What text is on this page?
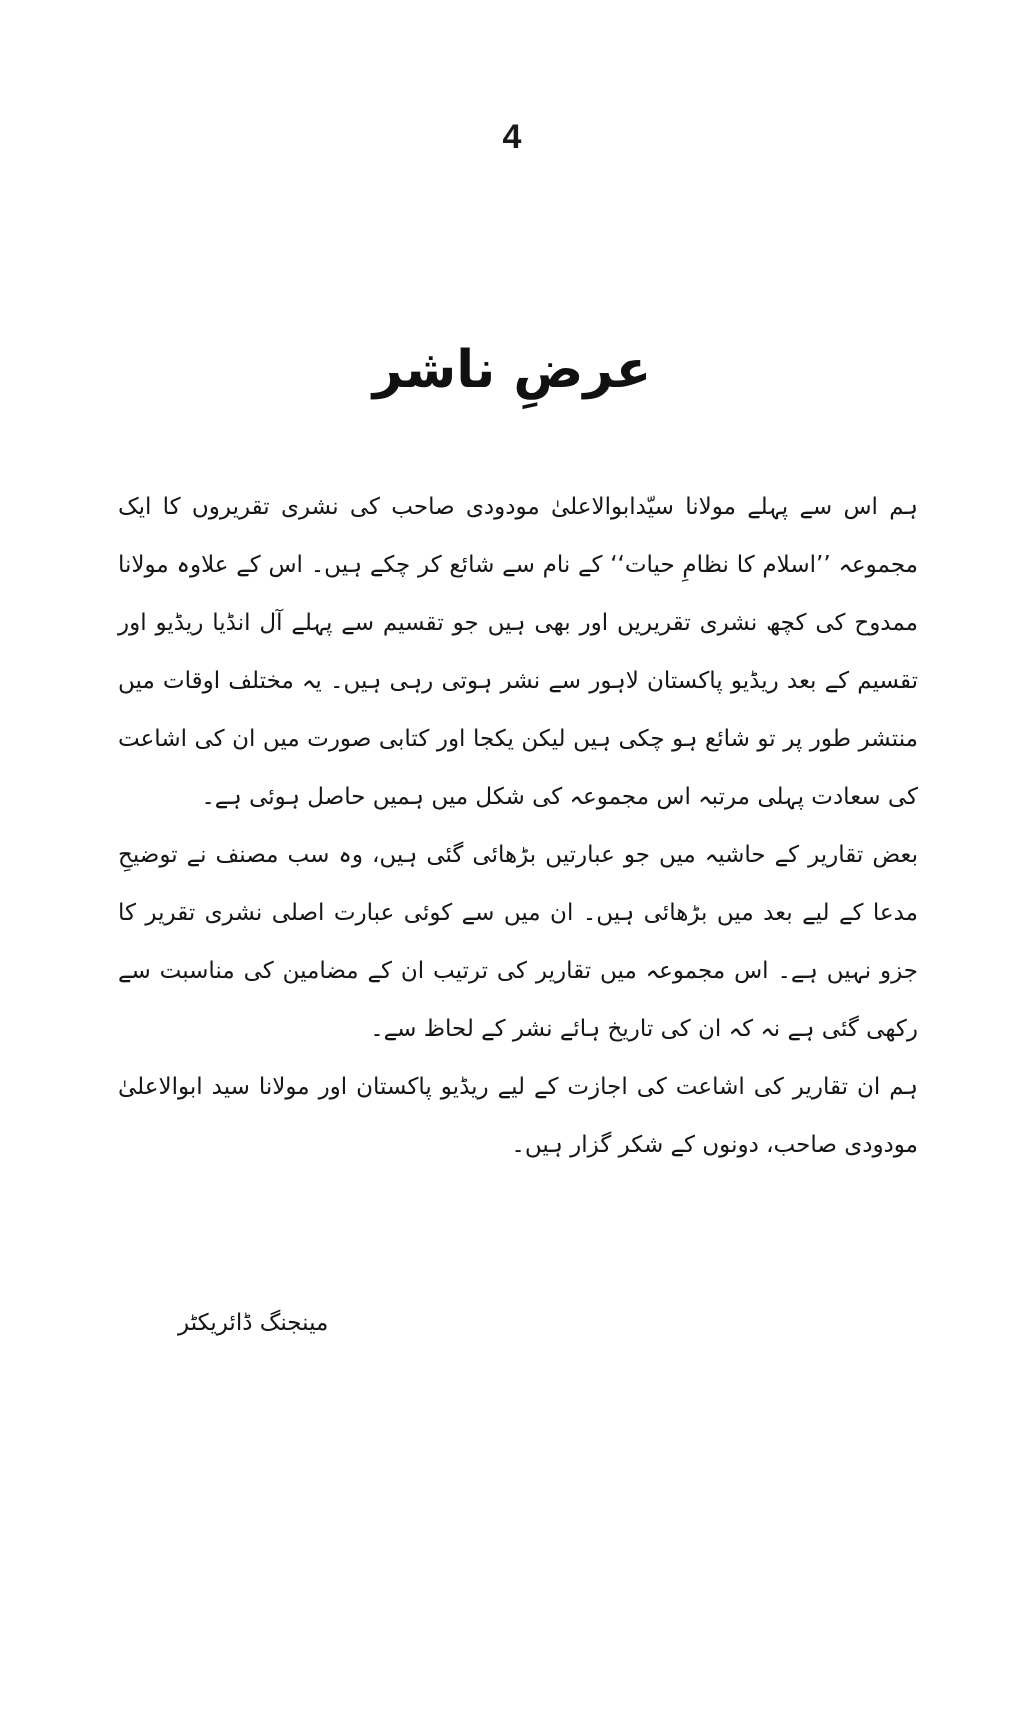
4
عرضِ ناشر

ہم اس سے پہلے مولانا سیّدابوالاعلیٰ مودودی صاحب کی نشری تقریروں کا ایک مجموعہ ’’اسلام کا نظامِ حیات‘‘ کے نام سے شائع کر چکے ہیں۔ اس کے علاوہ مولانا ممدوح کی کچھ نشری تقریریں اور بھی ہیں جو تقسیم سے پہلے آل انڈیا ریڈیو اور تقسیم کے بعد ریڈیو پاکستان لاہور سے نشر ہوتی رہی ہیں۔ یہ مختلف اوقات میں منتشر طور پر تو شائع ہو چکی ہیں لیکن یکجا اور کتابی صورت میں ان کی اشاعت کی سعادت پہلی مرتبہ اس مجموعہ کی شکل میں ہمیں حاصل ہوئی ہے۔

بعض تقاریر کے حاشیہ میں جو عبارتیں بڑھائی گئی ہیں، وہ سب مصنف نے توضیحِ مدعا کے لیے بعد میں بڑھائی ہیں۔ ان میں سے کوئی عبارت اصلی نشری تقریر کا جزو نہیں ہے۔ اس مجموعہ میں تقاریر کی ترتیب ان کے مضامین کی مناسبت سے رکھی گئی ہے نہ کہ ان کی تاریخ ہائے نشر کے لحاظ سے۔

ہم ان تقاریر کی اشاعت کی اجازت کے لیے ریڈیو پاکستان اور مولانا سید ابوالاعلیٰ مودودی صاحب، دونوں کے شکر گزار ہیں۔

مینجنگ ڈائریکٹر
